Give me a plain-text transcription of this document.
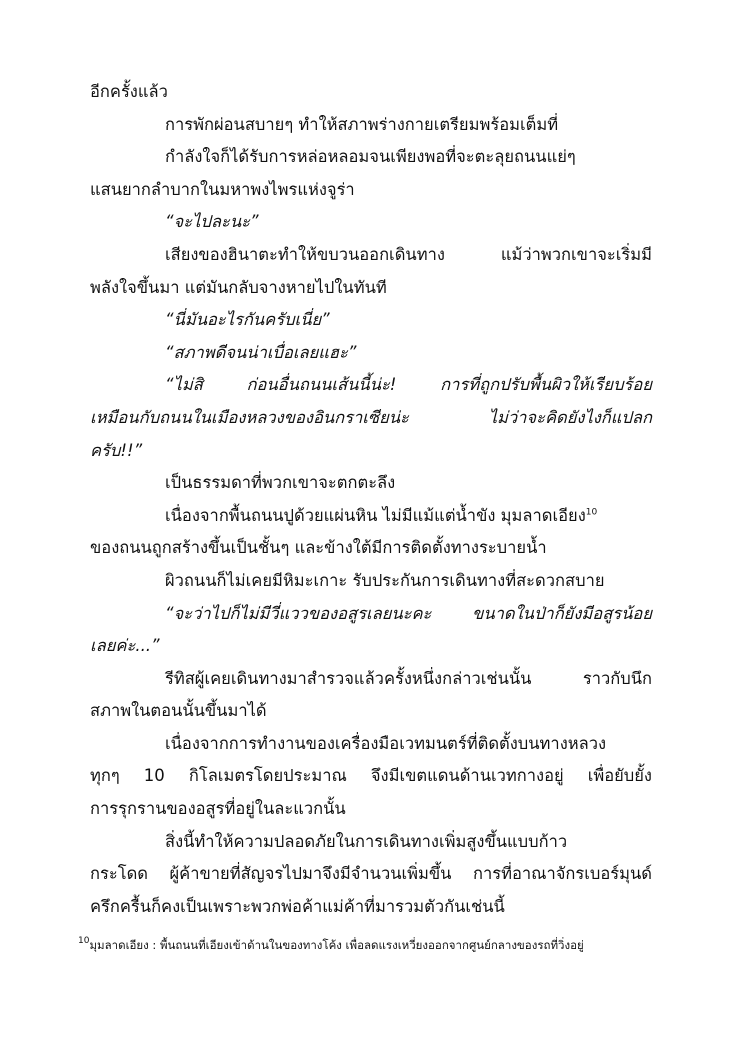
อีกครั้งแล้ว
การพักผ่อนสบายๆ ทำให้สภาพร่างกายเตรียมพร้อมเต็มที่
กำลังใจก็ได้รับการหล่อหลอมจนเพียงพอที่จะตะลุยถนนแย่ๆ
แสนยากลำบากในมหาพงไพรแห่งจูร่า
“จะไปละนะ”
เสียงของฮินาตะทำให้ขบวนออกเดินทาง แม้ว่าพวกเขาจะเริ่มมี
พลังใจขึ้นมา แต่มันกลับจางหายไปในทันที
“นี่มันอะไรกันครับเนี่ย”
“สภาพดีจนน่าเบื่อเลยแฮะ”
“ไม่สิ ก่อนอื่นถนนเส้นนี้น่ะ! การที่ถูกปรับพื้นผิวให้เรียบร้อย
เหมือนกับถนนในเมืองหลวงของอินกราเซียน่ะ ไม่ว่าจะคิดยังไงก็แปลก
ครับ!!”
เป็นธรรมดาที่พวกเขาจะตกตะลึง
เนื่องจากพื้นถนนปูด้วยแผ่นหิน ไม่มีแม้แต่น้ำขัง มุมลาดเอียง$^{10}$
ของถนนถูกสร้างขึ้นเป็นชั้นๆ และข้างใต้มีการติดตั้งทางระบายน้ำ
ผิวถนนก็ไม่เคยมีหิมะเกาะ รับประกันการเดินทางที่สะดวกสบาย
“จะว่าไปก็ไม่มีวี่แววของอสูรเลยนะคะ ขนาดในป่าก็ยังมีอสูรน้อย
เลยค่ะ...”
รีทิสผู้เคยเดินทางมาสำรวจแล้วครั้งหนึ่งกล่าวเช่นนั้น ราวกับนึก
สภาพในตอนนั้นขึ้นมาได้
เนื่องจากการทำงานของเครื่องมือเวทมนตร์ที่ติดตั้งบนทางหลวง
ทุกๆ 10 กิโลเมตรโดยประมาณ จึงมีเขตแดนด้านเวทกางอยู่ เพื่อยับยั้ง
การรุกรานของอสูรที่อยู่ในละแวกนั้น
สิ่งนี้ทำให้ความปลอดภัยในการเดินทางเพิ่มสูงขึ้นแบบก้าว
กระโดด ผู้ค้าขายที่สัญจรไปมาจึงมีจำนวนเพิ่มขึ้น การที่อาณาจักรเบอร์มุนด์
ครึกครื้นก็คงเป็นเพราะพวกพ่อค้าแม่ค้าที่มารวมตัวกันเช่นนี้
$^{10}$มุมลาดเอียง : พื้นถนนที่เอียงเข้าด้านในของทางโค้ง เพื่อลดแรงเหวี่ยงออกจากศูนย์กลางของรถที่วิ่งอยู่
